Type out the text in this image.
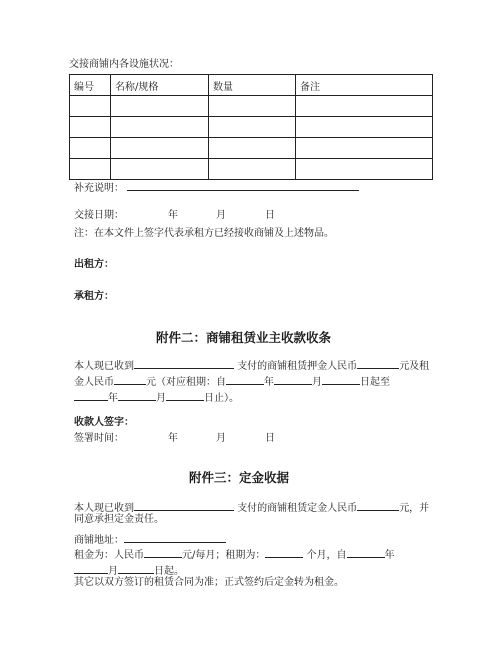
交接商铺内各设施状况：
编号	名称/规格	数量	备注

补充说明：
交接日期：	年	月	日
注：在本文件上签字代表承租方已经接收商铺及上述物品。
出租方：
承租方：
附件二：商铺租赁业主收款收条
本人现已收到	支付的商铺租赁押金人民币	元及租
金人民币	元（对应租期：自	年	月	日起至
年	月	日止）。
收款人签字：
签署时间：	年	月	日
附件三：定金收据
本人现已收到	支付的商铺租赁定金人民币	元，并
同意承担定金责任。
商铺地址：
租金为：人民币	元/每月；租期为：	个月，自	年
月	日起。
其它以双方签订的租赁合同为准；正式签约后定金转为租金。
